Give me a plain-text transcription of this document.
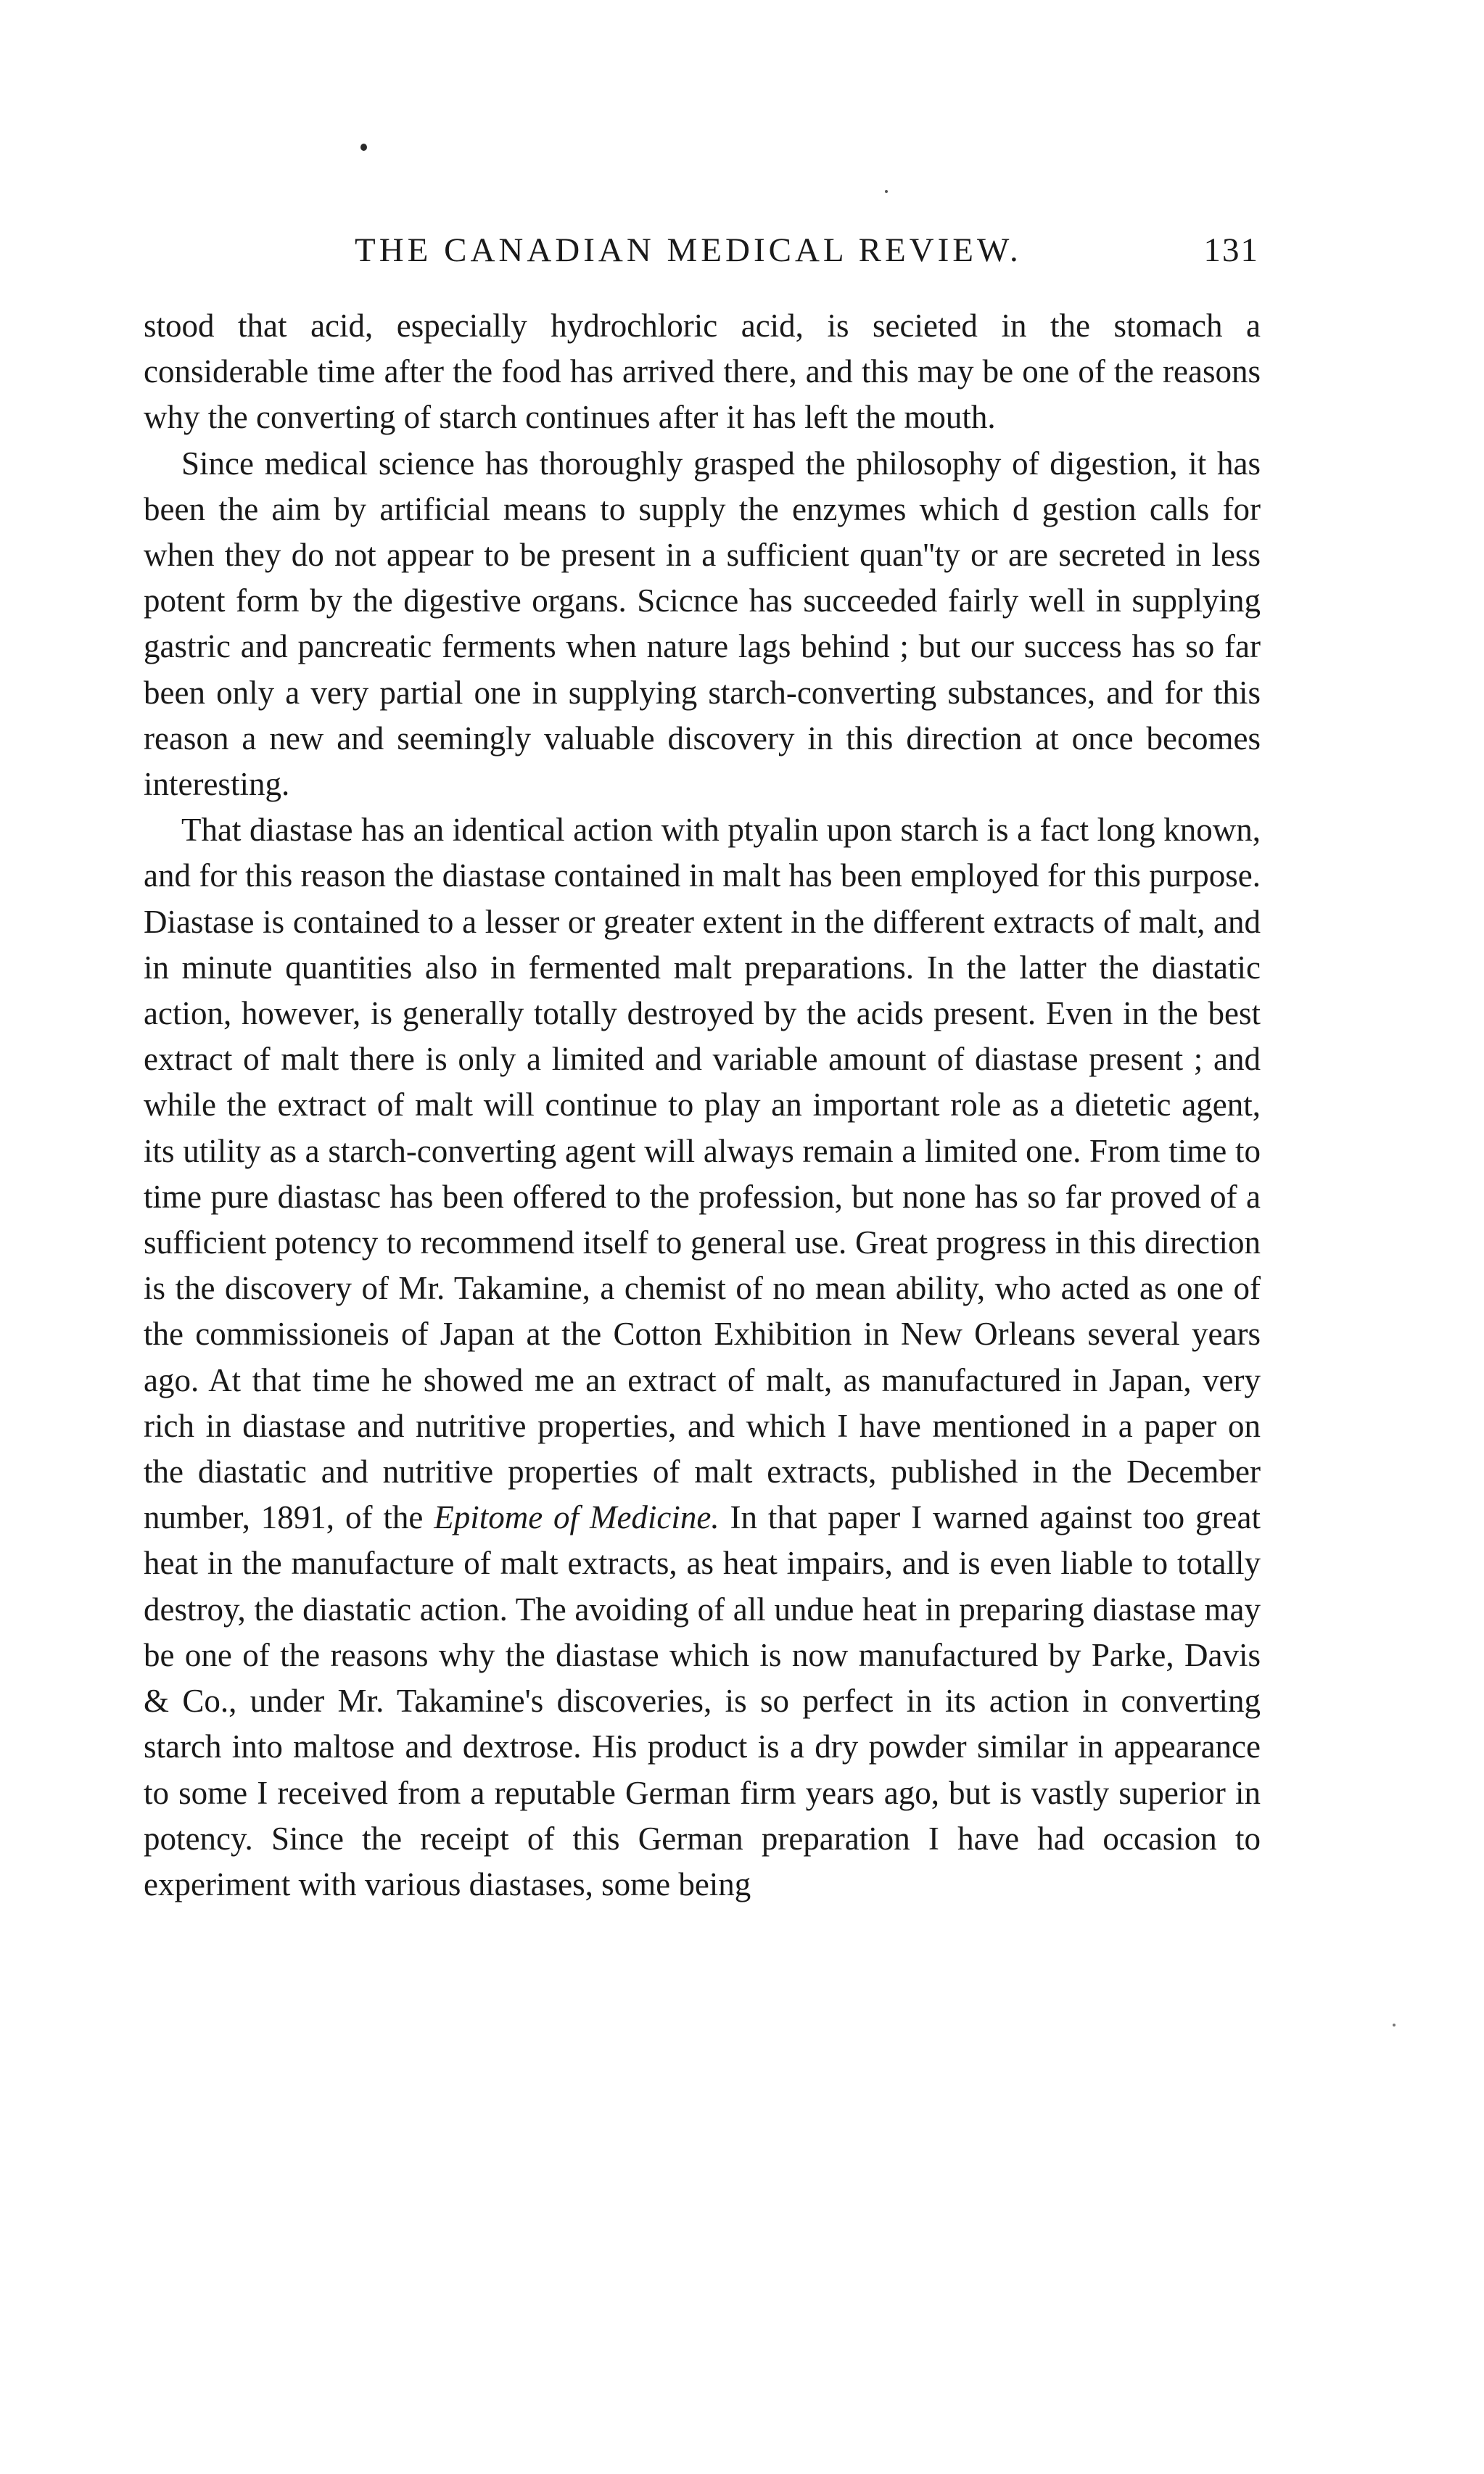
THE CANADIAN MEDICAL REVIEW.	131

stood that acid, especially hydrochloric acid, is secieted in the stomach a considerable time after the food has arrived there, and this may be one of the reasons why the converting of starch continues after it has left the mouth.

Since medical science has thoroughly grasped the philosophy of digestion, it has been the aim by artificial means to supply the enzymes which d gestion calls for when they do not appear to be present in a sufficient quan''ty or are secreted in less potent form by the digestive organs. Scicnce has succeeded fairly well in supplying gastric and pancreatic ferments when nature lags behind ; but our success has so far been only a very partial one in supplying starch-converting substances, and for this reason a new and seemingly valuable discovery in this direction at once becomes interesting.

That diastase has an identical action with ptyalin upon starch is a fact long known, and for this reason the diastase contained in malt has been employed for this purpose. Diastase is contained to a lesser or greater extent in the different extracts of malt, and in minute quantities also in fermented malt preparations. In the latter the diastatic action, however, is generally totally destroyed by the acids present. Even in the best extract of malt there is only a limited and variable amount of diastase present ; and while the extract of malt will continue to play an important role as a dietetic agent, its utility as a starch-converting agent will always remain a limited one. From time to time pure diastasc has been offered to the profession, but none has so far proved of a sufficient potency to recommend itself to general use. Great progress in this direction is the discovery of Mr. Takamine, a chemist of no mean ability, who acted as one of the commissioneis of Japan at the Cotton Exhibition in New Orleans several years ago. At that time he showed me an extract of malt, as manufactured in Japan, very rich in diastase and nutritive properties, and which I have mentioned in a paper on the diastatic and nutritive properties of malt extracts, published in the December number, 1891, of the Epitome of Medicine. In that paper I warned against too great heat in the manufacture of malt extracts, as heat impairs, and is even liable to totally destroy, the diastatic action. The avoiding of all undue heat in preparing diastase may be one of the reasons why the diastase which is now manufactured by Parke, Davis & Co., under Mr. Takamine's discoveries, is so perfect in its action in converting starch into maltose and dextrose. His product is a dry powder similar in appearance to some I received from a reputable German firm years ago, but is vastly superior in potency. Since the receipt of this German preparation I have had occasion to experiment with various diastases, some being
